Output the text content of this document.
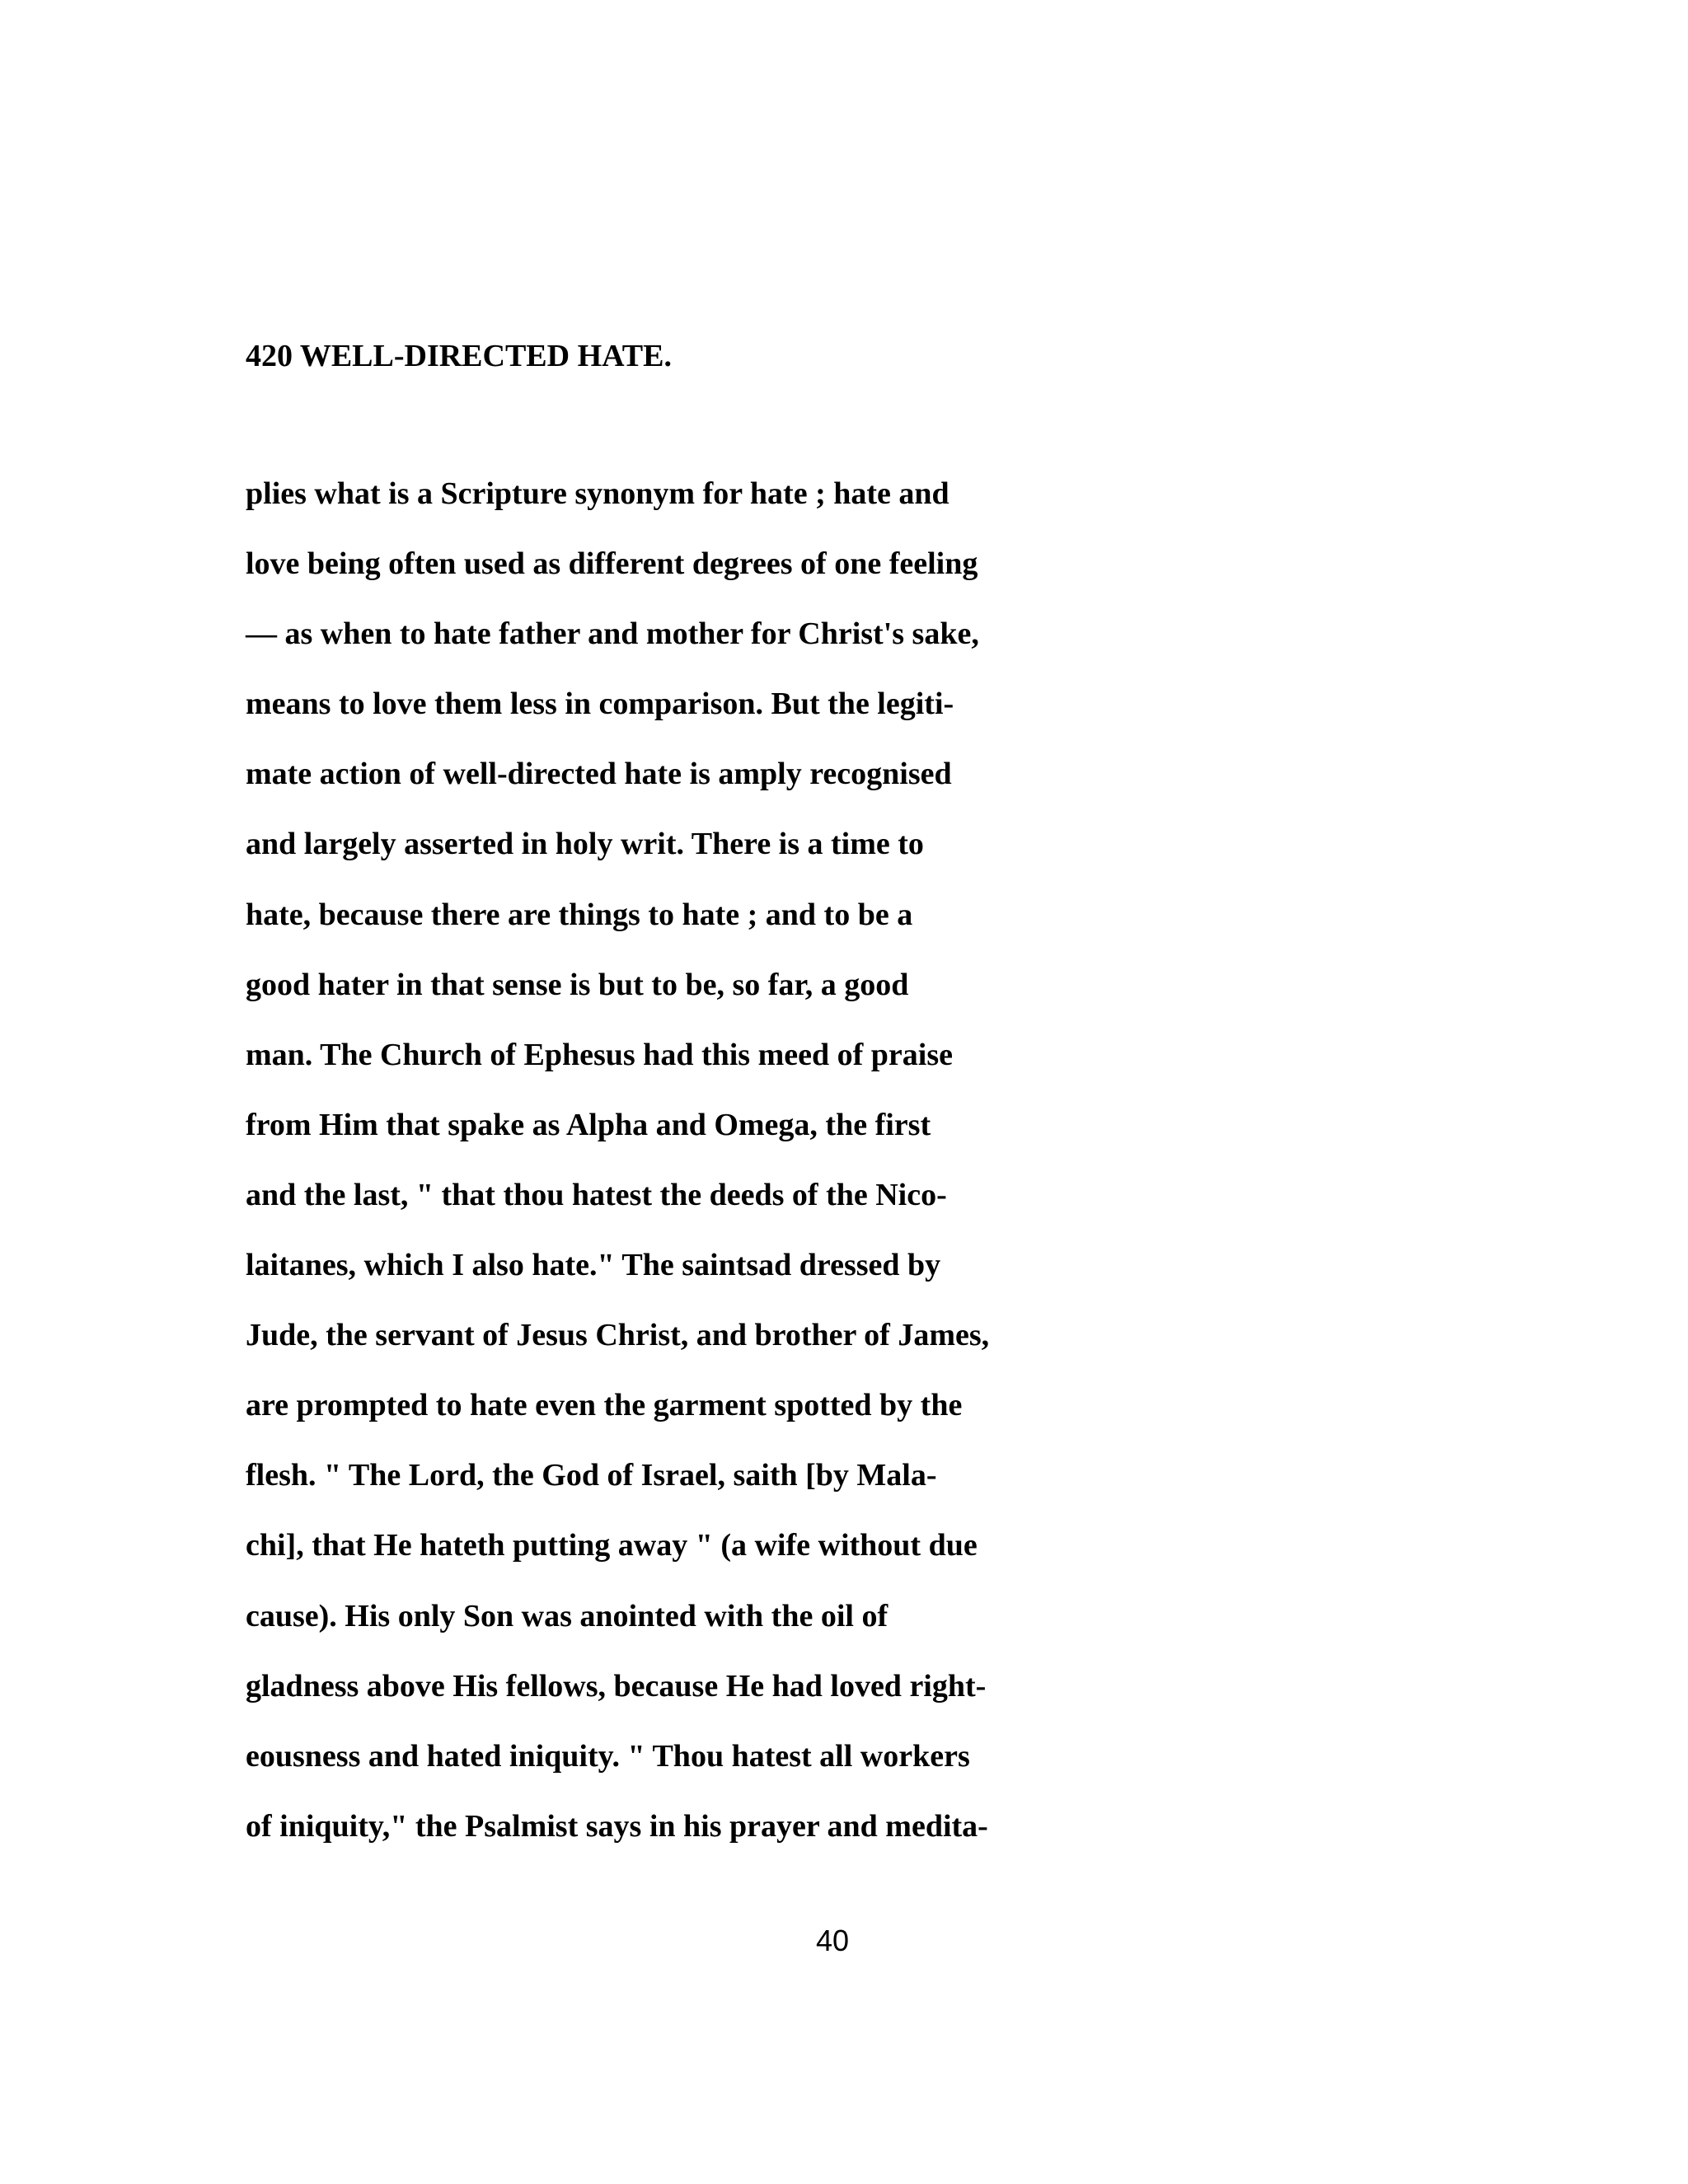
420 WELL-DIRECTED HATE.
plies what is a Scripture synonym for hate ; hate and
love being often used as different degrees of one feeling
— as when to hate father and mother for Christ's sake,
means to love them less in comparison. But the legiti-
mate action of well-directed hate is amply recognised
and largely asserted in holy writ. There is a time to
hate, because there are things to hate ; and to be a
good hater in that sense is but to be, so far, a good
man. The Church of Ephesus had this meed of praise
from Him that spake as Alpha and Omega, the first
and the last, " that thou hatest the deeds of the Nico-
laitanes, which I also hate." The saintsad dressed by
Jude, the servant of Jesus Christ, and brother of James,
are prompted to hate even the garment spotted by the
flesh. " The Lord, the God of Israel, saith [by Mala-
chi], that He hateth putting away " (a wife without due
cause). His only Son was anointed with the oil of
gladness above His fellows, because He had loved right-
eousness and hated iniquity. " Thou hatest all workers
of iniquity," the Psalmist says in his prayer and medita-
40
